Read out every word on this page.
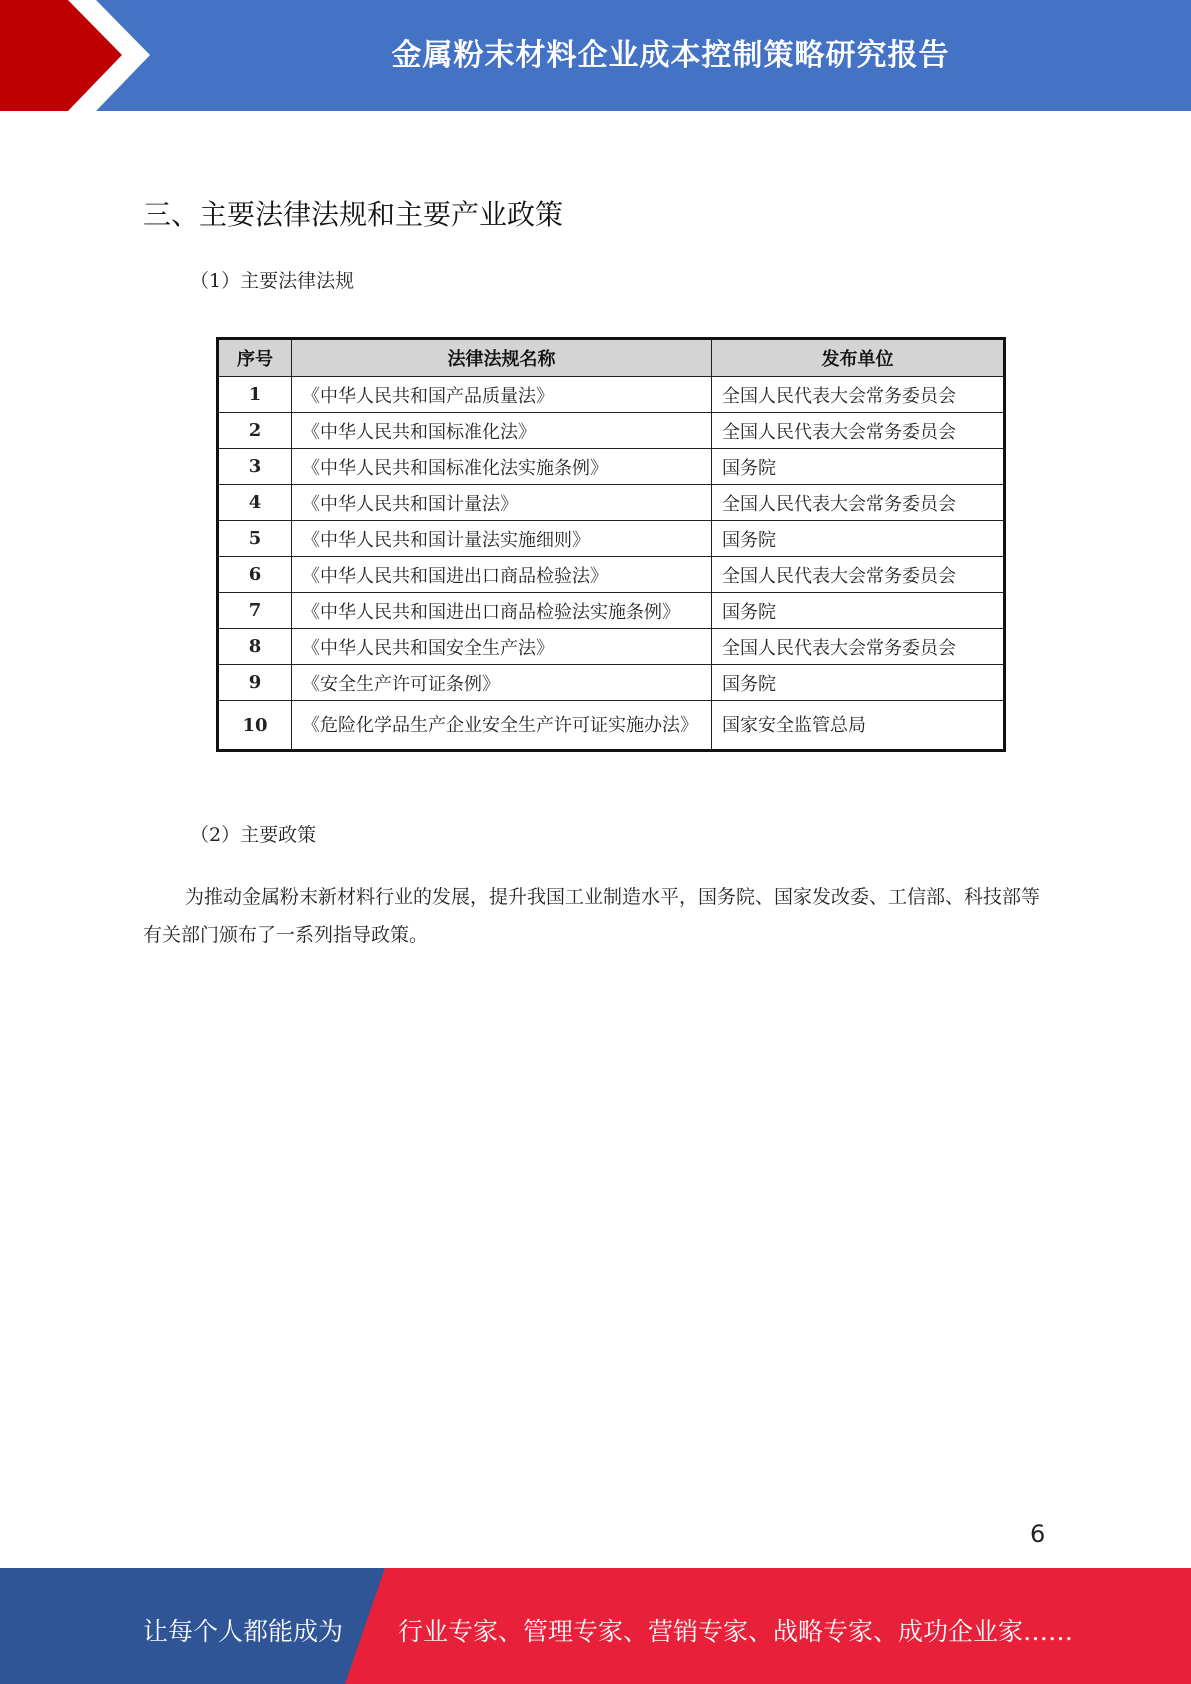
金属粉末材料企业成本控制策略研究报告
三、主要法律法规和主要产业政策
（1）主要法律法规
序号	法律法规名称	发布单位
1	《中华人民共和国产品质量法》	全国人民代表大会常务委员会
2	《中华人民共和国标准化法》	全国人民代表大会常务委员会
3	《中华人民共和国标准化法实施条例》	国务院
4	《中华人民共和国计量法》	全国人民代表大会常务委员会
5	《中华人民共和国计量法实施细则》	国务院
6	《中华人民共和国进出口商品检验法》	全国人民代表大会常务委员会
7	《中华人民共和国进出口商品检验法实施条例》	国务院
8	《中华人民共和国安全生产法》	全国人民代表大会常务委员会
9	《安全生产许可证条例》	国务院
10	《危险化学品生产企业安全生产许可证实施办法》	国家安全监管总局
（2）主要政策

为推动金属粉末新材料行业的发展，提升我国工业制造水平，国务院、国家发改委、工信部、科技部等有关部门颁布了一系列指导政策。

6
让每个人都能成为 行业专家、管理专家、营销专家、战略专家、成功企业家……
